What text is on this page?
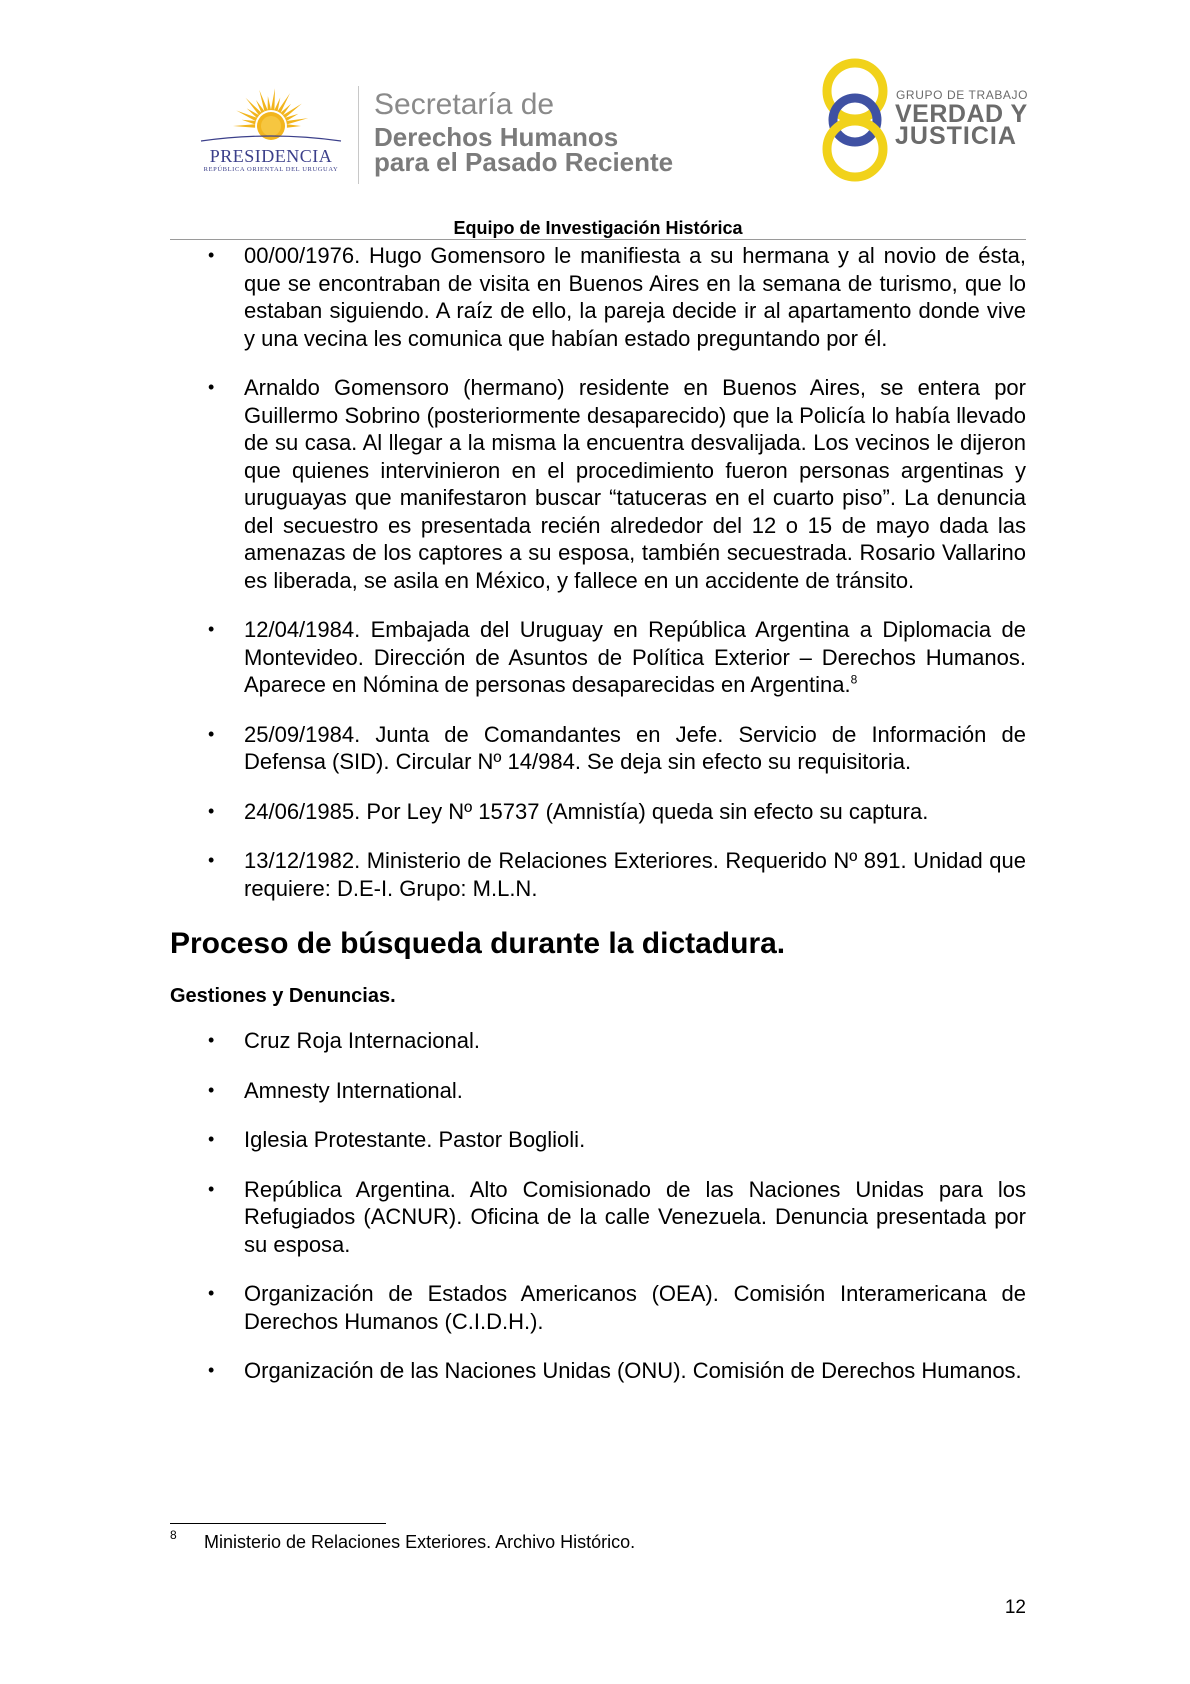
PRESIDENCIA
REPÚBLICA ORIENTAL DEL URUGUAY
Secretaría de
Derechos Humanos
para el Pasado Reciente
GRUPO DE TRABAJO
VERDAD Y
JUSTICIA
Equipo de Investigación Histórica
• 00/00/1976. Hugo Gomensoro le manifiesta a su hermana y al novio de ésta, que se encontraban de visita en Buenos Aires en la semana de turismo, que lo estaban siguiendo. A raíz de ello, la pareja decide ir al apartamento donde vive y una vecina les comunica que habían estado preguntando por él.
• Arnaldo Gomensoro (hermano) residente en Buenos Aires, se entera por Guillermo Sobrino (posteriormente desaparecido) que la Policía lo había llevado de su casa. Al llegar a la misma la encuentra desvalijada. Los vecinos le dijeron que quienes intervinieron en el procedimiento fueron personas argentinas y uruguayas que manifestaron buscar “tatuceras en el cuarto piso”. La denuncia del secuestro es presentada recién alrededor del 12 o 15 de mayo dada las amenazas de los captores a su esposa, también secuestrada. Rosario Vallarino es liberada, se asila en México, y fallece en un accidente de tránsito.
• 12/04/1984. Embajada del Uruguay en República Argentina a Diplomacia de Montevideo. Dirección de Asuntos de Política Exterior – Derechos Humanos. Aparece en Nómina de personas desaparecidas en Argentina.$^8$
• 25/09/1984. Junta de Comandantes en Jefe. Servicio de Información de Defensa (SID). Circular Nº 14/984. Se deja sin efecto su requisitoria.
• 24/06/1985. Por Ley Nº 15737 (Amnistía) queda sin efecto su captura.
• 13/12/1982. Ministerio de Relaciones Exteriores. Requerido Nº 891. Unidad que requiere: D.E-I. Grupo: M.L.N.
Proceso de búsqueda durante la dictadura.
Gestiones y Denuncias.
• Cruz Roja Internacional.
• Amnesty International.
• Iglesia Protestante. Pastor Boglioli.
• República Argentina. Alto Comisionado de las Naciones Unidas para los Refugiados (ACNUR). Oficina de la calle Venezuela. Denuncia presentada por su esposa.
• Organización de Estados Americanos (OEA). Comisión Interamericana de Derechos Humanos (C.I.D.H.).
• Organización de las Naciones Unidas (ONU). Comisión de Derechos Humanos.
8 Ministerio de Relaciones Exteriores. Archivo Histórico.
12
